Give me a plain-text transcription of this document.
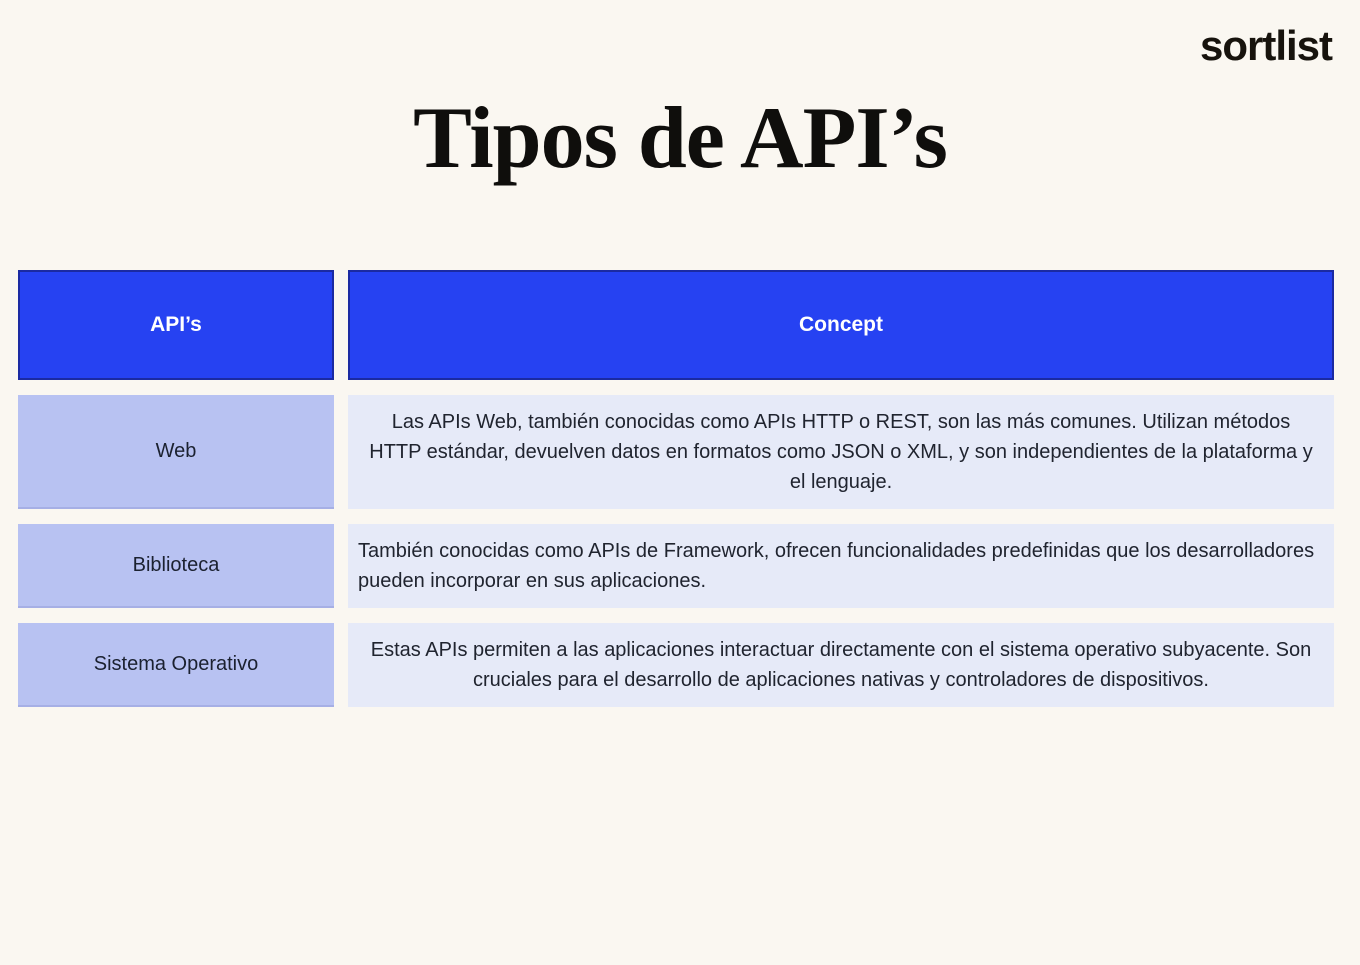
sortlist
Tipos de API’s
API’s	Concept
Web
Las APIs Web, también conocidas como APIs HTTP o REST, son las más comunes. Utilizan métodos HTTP estándar, devuelven datos en formatos como JSON o XML, y son independientes de la plataforma y el lenguaje.
Biblioteca
También conocidas como APIs de Framework, ofrecen funcionalidades predefinidas que los desarrolladores pueden incorporar en sus aplicaciones.
Sistema Operativo
Estas APIs permiten a las aplicaciones interactuar directamente con el sistema operativo subyacente. Son cruciales para el desarrollo de aplicaciones nativas y controladores de dispositivos.
